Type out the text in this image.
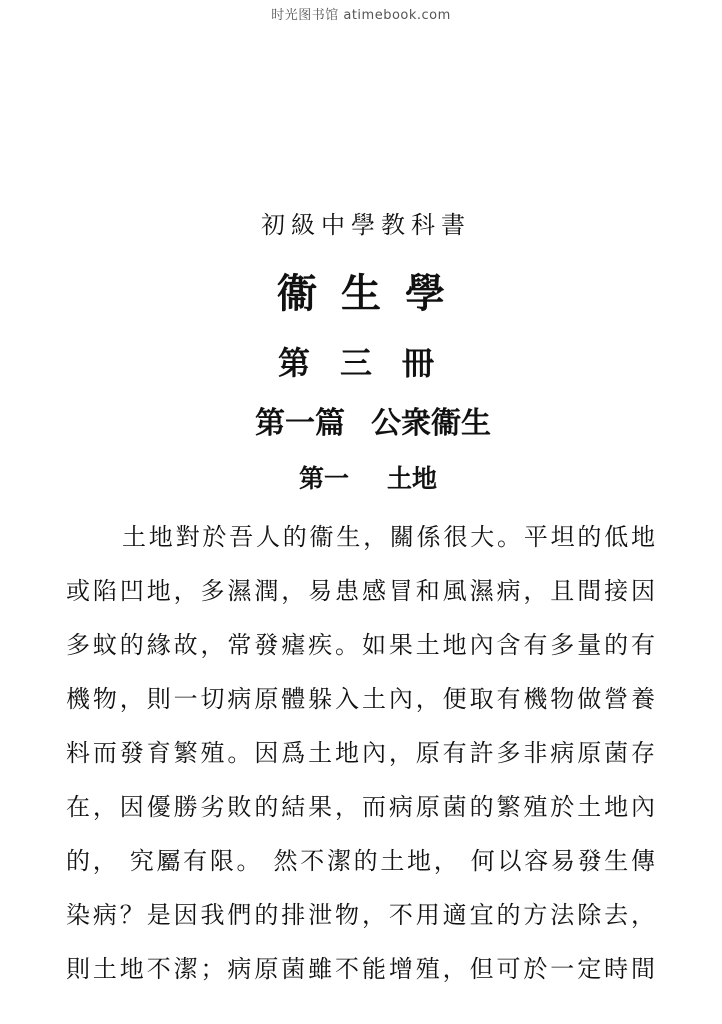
时光图书馆 atimebook.com
初級中學教科書
衞生學
第三冊
第一篇 公衆衞生
第一 土地
土地對於吾人的衞生，關係很大。平坦的低地
或陷凹地，多濕潤，易患感冒和風濕病，且間接因
多蚊的緣故，常發瘧疾。如果土地內含有多量的有
機物，則一切病原體躲入土內，便取有機物做營養
料而發育繁殖。因爲土地內，原有許多非病原菌存
在，因優勝劣敗的結果，而病原菌的繁殖於土地內
的， 究屬有限。 然不潔的土地， 何以容易發生傳
染病？是因我們的排泄物，不用適宜的方法除去，
則土地不潔；病原菌雖不能增殖，但可於一定時間
